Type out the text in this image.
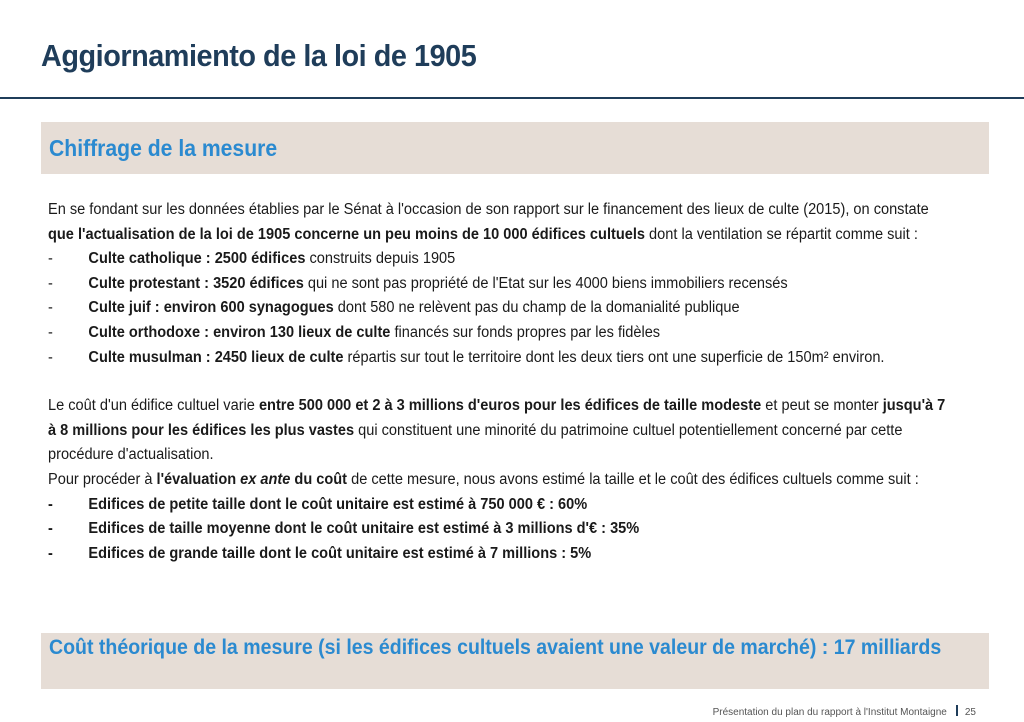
Aggiornamiento de la loi de 1905
Chiffrage de la mesure

En se fondant sur les données établies par le Sénat à l'occasion de son rapport sur le financement des lieux de culte (2015), on constate que l'actualisation de la loi de 1905 concerne un peu moins de 10 000 édifices cultuels dont la ventilation se répartit comme suit :

-	Culte catholique : 2500 édifices construits depuis 1905
-	Culte protestant : 3520 édifices qui ne sont pas propriété de l'Etat sur les 4000 biens immobiliers recensés
-	Culte juif : environ 600 synagogues dont 580 ne relèvent pas du champ de la domanialité publique
-	Culte orthodoxe : environ 130 lieux de culte financés sur fonds propres par les fidèles

- Culte musulman : 2450 lieux de culte répartis sur tout le territoire dont les deux tiers ont une superficie de 150m² environ.

Le coût d'un édifice cultuel varie entre 500 000 et 2 à 3 millions d'euros pour les édifices de taille modeste et peut se monter jusqu'à 7 à 8 millions pour les édifices les plus vastes qui constituent une minorité du patrimoine cultuel potentiellement concerné par cette procédure d'actualisation.

Pour procéder à l'évaluation ex ante du coût de cette mesure, nous avons estimé la taille et le coût des édifices cultuels comme suit :

-	Edifices de petite taille dont le coût unitaire est estimé à 750 000 € : 60%
-	Edifices de taille moyenne dont le coût unitaire est estimé à 3 millions d'€ : 35%
-	Edifices de grande taille dont le coût unitaire est estimé à 7 millions : 5%
Coût théorique de la mesure (si les édifices cultuels avaient une valeur de marché) : 17 milliards
Présentation du plan du rapport à l'Institut Montaigne 25
